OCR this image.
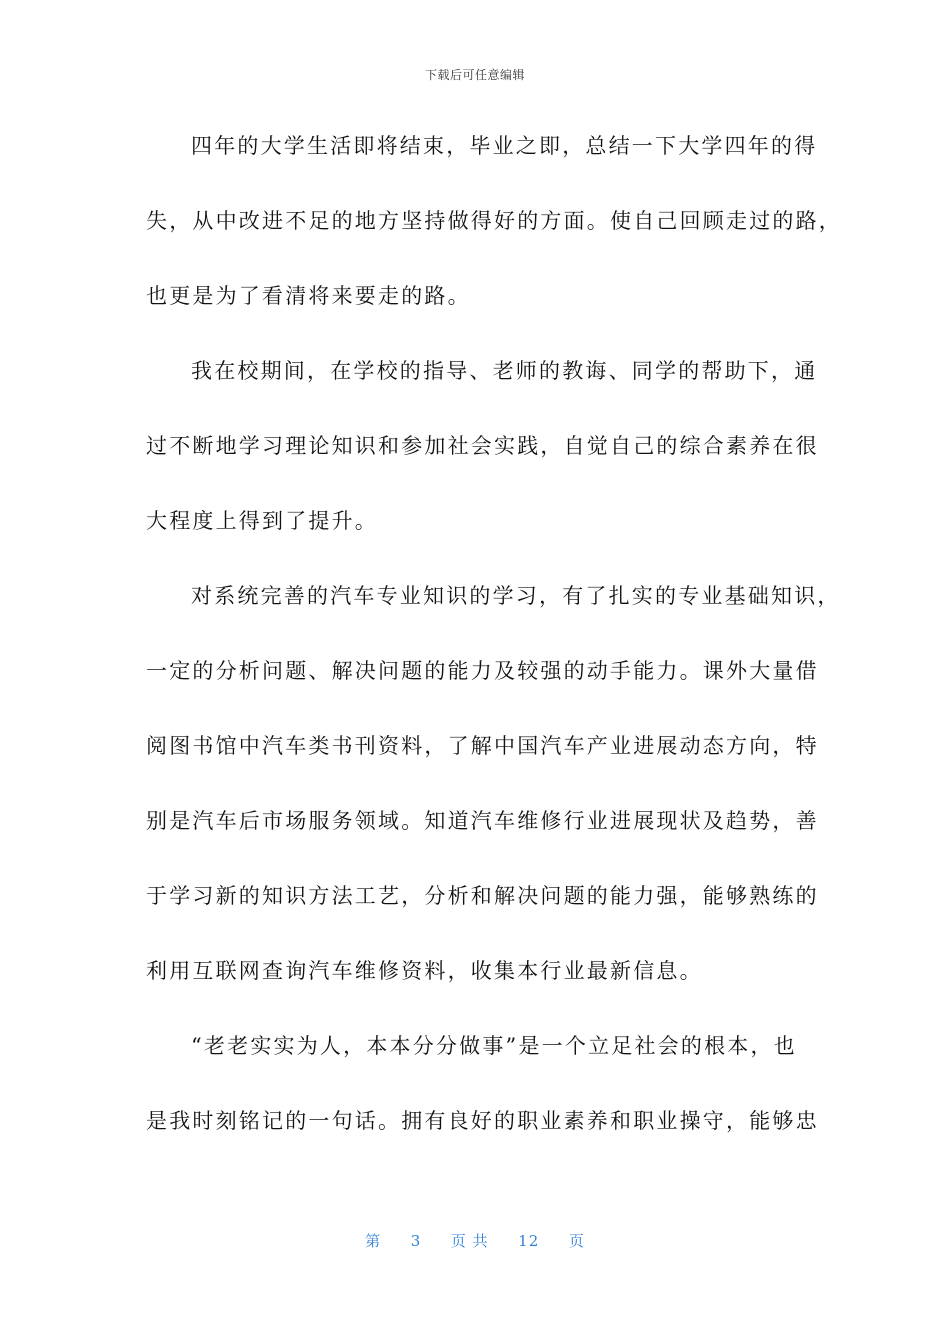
下载后可任意编辑
四年的大学生活即将结束，毕业之即，总结一下大学四年的得
失，从中改进不足的地方坚持做得好的方面。使自己回顾走过的路，
也更是为了看清将来要走的路。
我在校期间，在学校的指导、老师的教诲、同学的帮助下，通
过不断地学习理论知识和参加社会实践，自觉自己的综合素养在很
大程度上得到了提升。
对系统完善的汽车专业知识的学习，有了扎实的专业基础知识，
一定的分析问题、解决问题的能力及较强的动手能力。课外大量借
阅图书馆中汽车类书刊资料，了解中国汽车产业进展动态方向，特
别是汽车后市场服务领域。知道汽车维修行业进展现状及趋势，善
于学习新的知识方法工艺，分析和解决问题的能力强，能够熟练的
利用互联网查询汽车维修资料，收集本行业最新信息。
“老老实实为人，本本分分做事”是一个立足社会的根本，也
是我时刻铭记的一句话。拥有良好的职业素养和职业操守，能够忠
第 3 页 共 12 页
